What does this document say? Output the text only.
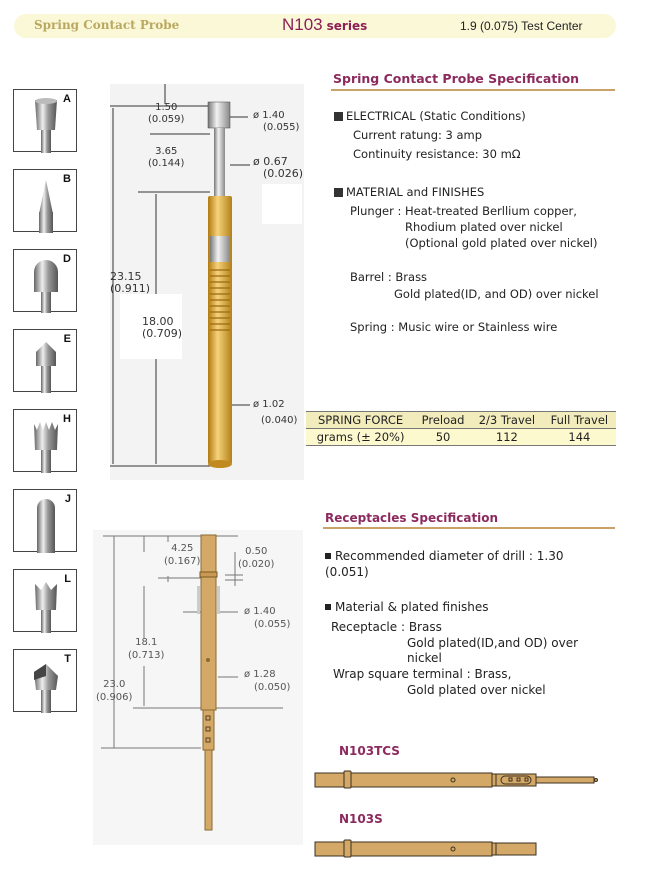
Spring Contact Probe	N103 series	1.9 (0.075) Test Center
A
B
D
E
H
J
L
T
1.50
(0.059)
3.65
(0.144)
23.15
(0.911)
18.00
(0.709)
ø 1.40
(0.055)
ø 0.67
(0.026)
ø 1.02
(0.040)
Spring Contact Probe Specification
ELECTRICAL (Static Conditions)
Current ratung: 3 amp
Continuity resistance: 30 mΩ
MATERIAL and FINISHES
Plunger : Heat-treated Berllium copper,
Rhodium plated over nickel
(Optional gold plated over nickel)
Barrel : Brass
Gold plated(ID, and OD) over nickel
Spring : Music wire or Stainless wire
SPRING FORCE	Preload	2/3 Travel	Full Travel
grams (± 20%)	50	112	144
4.25
(0.167)
0.50
(0.020)
ø 1.40
(0.055)
18.1
(0.713)
ø 1.28
(0.050)
23.0
(0.906)
Receptacles Specification
Recommended diameter of drill : 1.30
(0.051)
Material & plated finishes
Receptacle : Brass
Gold plated(ID,and OD) over
nickel
Wrap square terminal : Brass,
Gold plated over nickel
N103TCS
N103S
